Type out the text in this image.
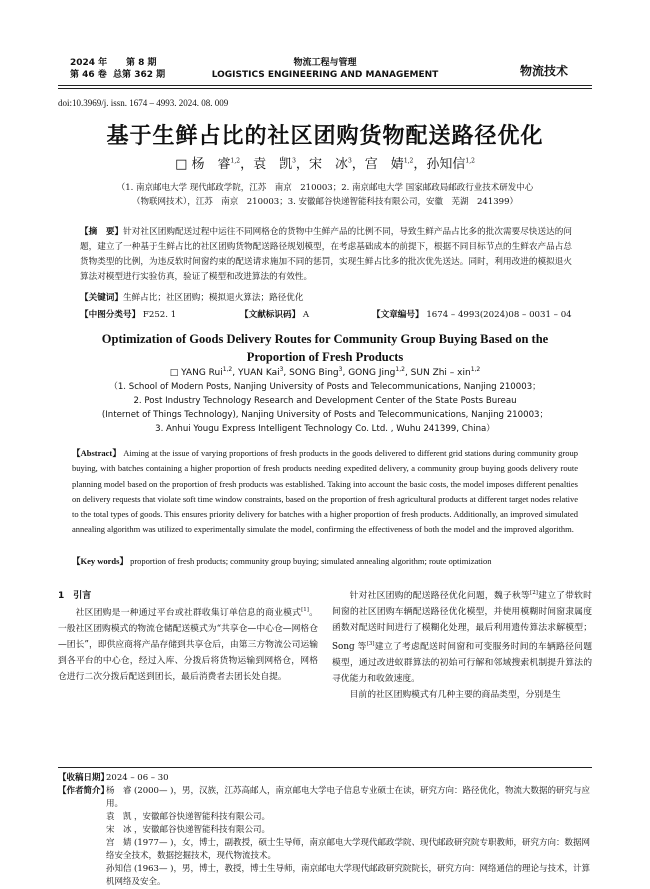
2024 年      第 8 期
第 46 卷  总第 362 期
物流工程与管理
LOGISTICS ENGINEERING AND MANAGEMENT	物流技术
doi:10.3969/j. issn. 1674 – 4993. 2024. 08. 009
基于生鲜占比的社区团购货物配送路径优化
□ 杨　睿$^{1,2}$，袁　凯$^3$，宋　冰$^3$，宫　婧$^{1,2}$，孙知信$^{1,2}$
（1. 南京邮电大学 现代邮政学院，江苏　南京　210003；2. 南京邮电大学 国家邮政局邮政行业技术研发中心
（物联网技术），江苏　南京　210003；3. 安徽邮谷快递智能科技有限公司，安徽　芜湖　241399）
【摘　要】针对社区团购配送过程中运往不同网格仓的货物中生鲜产品的比例不同，导致生鲜产品占比多的批次需要尽快送达的问题，建立了一种基于生鲜占比的社区团购货物配送路径规划模型，在考虑基础成本的前提下，根据不同目标节点的生鲜农产品占总货物类型的比例，为违反软时间窗约束的配送请求施加不同的惩罚，实现生鲜占比多的批次优先送达。同时，利用改进的模拟退火算法对模型进行实验仿真，验证了模型和改进算法的有效性。
【关键词】生鲜占比；社区团购；模拟退火算法；路径优化
【中图分类号】 F252. 1	【文献标识码】 A	【文章编号】 1674 – 4993(2024)08 – 0031 – 04
Optimization of Goods Delivery Routes for Community Group Buying Based on the
Proportion of Fresh Products
□ YANG Rui$^{1,2}$, YUAN Kai$^3$, SONG Bing$^3$, GONG Jing$^{1,2}$, SUN Zhi – xin$^{1,2}$
（1. School of Modern Posts, Nanjing University of Posts and Telecommunications, Nanjing 210003；
2. Post Industry Technology Research and Development Center of the State Posts Bureau
(Internet of Things Technology), Nanjing University of Posts and Telecommunications, Nanjing 210003；
3. Anhui Yougu Express Intelligent Technology Co. Ltd. , Wuhu 241399, China）
【Abstract】 Aiming at the issue of varying proportions of fresh products in the goods delivered to different grid stations during community group buying, with batches containing a higher proportion of fresh products needing expedited delivery, a community group buying goods delivery route planning model based on the proportion of fresh products was established. Taking into account the basic costs, the model imposes different penalties on delivery requests that violate soft time window constraints, based on the proportion of fresh agricultural products at different target nodes relative to the total types of goods. This ensures priority delivery for batches with a higher proportion of fresh products. Additionally, an improved simulated annealing algorithm was utilized to experimentally simulate the model, confirming the effectiveness of both the model and the improved algorithm.
【Key words】 proportion of fresh products; community group buying; simulated annealing algorithm; route optimization
1　引言

社区团购是一种通过平台或社群收集订单信息的商业模式[1]。一般社区团购模式的物流仓储配送模式为“共享仓—中心仓—网格仓—团长”，即供应商将产品存储到共享仓后，由第三方物流公司运输到各平台的中心仓，经过入库、分拨后将货物运输到网格仓，网格仓进行二次分拨后配送到团长，最后消费者去团长处自提。

针对社区团购的配送路径优化问题，魏子秋等[2]建立了带软时间窗的社区团购车辆配送路径优化模型，并使用模糊时间窗隶属度函数对配送时间进行了模糊化处理，最后利用遗传算法求解模型；Song 等[3]建立了考虑配送时间窗和可变服务时间的车辆路径问题模型，通过改进蚁群算法的初始可行解和邻域搜索机制提升算法的寻优能力和收敛速度。

目前的社区团购模式有几种主要的商品类型，分别是生

【收稿日期】
2024 – 06 – 30
【作者简介】
杨　睿 (2000— )，男，汉族，江苏高邮人，南京邮电大学电子信息专业硕士在读，研究方向：路径优化，物流大数据的研究与应用。
袁　凯 ，安徽邮谷快递智能科技有限公司。
宋　冰 ，安徽邮谷快递智能科技有限公司。
宫　婧 (1977— )，女，博士，副教授，硕士生导师，南京邮电大学现代邮政学院、现代邮政研究院专职教师，研究方向：数据网络安全技术，数据挖掘技术，现代物流技术。
孙知信 (1963— )，男，博士，教授，博士生导师，南京邮电大学现代邮政研究院院长，研究方向：网络通信的理论与技术，计算机网络及安全。
